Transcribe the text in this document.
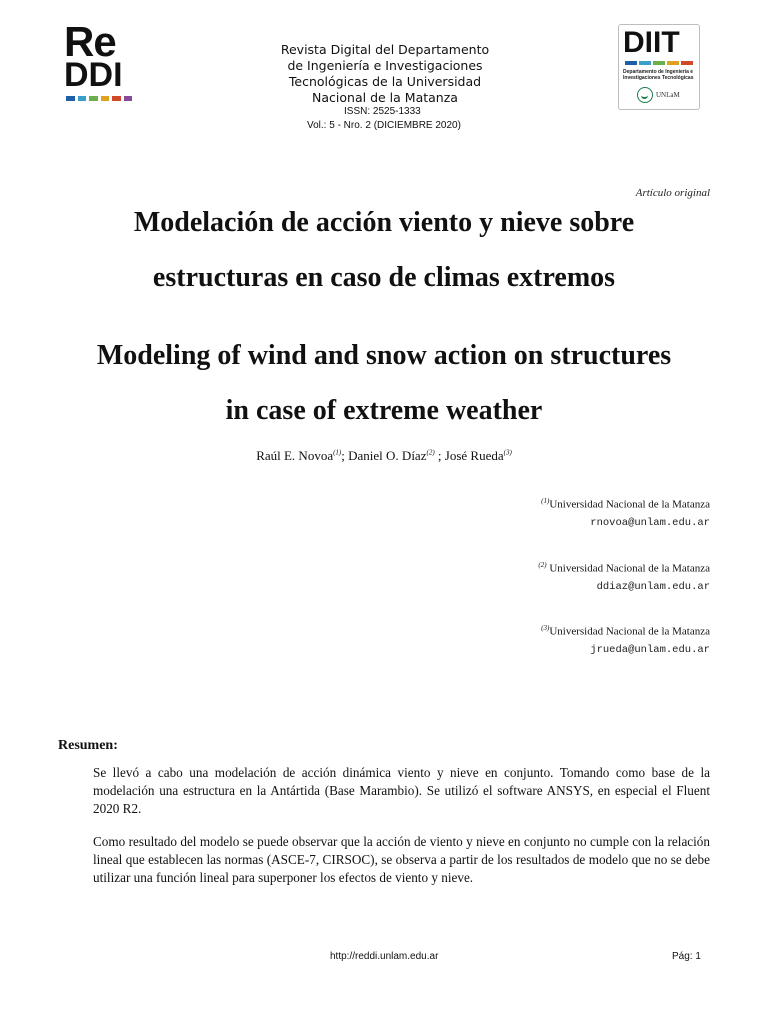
Re
DDI
Revista Digital del Departamento de Ingeniería e Investigaciones Tecnológicas de la Universidad Nacional de la Matanza
ISSN: 2525-1333
Vol.: 5 - Nro. 2 (DICIEMBRE 2020)
DIIT
Departamento de Ingeniería e Investigaciones Tecnológicas
UNLaM
Artículo original
Modelación de acción viento y nieve sobre
estructuras en caso de climas extremos
Modeling of wind and snow action on structures
in case of extreme weather
Raúl E. Novoa$^{(1)}$; Daniel O. Díaz$^{(2)}$ ; José Rueda$^{(3)}$
$^{(1)}$Universidad Nacional de la Matanza
rnovoa@unlam.edu.ar
$^{(2)}$ Universidad Nacional de la Matanza
ddiaz@unlam.edu.ar
$^{(3)}$Universidad Nacional de la Matanza
jrueda@unlam.edu.ar
Resumen:
Se llevó a cabo una modelación de acción dinámica viento y nieve en conjunto. Tomando como base de la modelación una estructura en la Antártida (Base Marambio). Se utilizó el software ANSYS, en especial el Fluent 2020 R2.
Como resultado del modelo se puede observar que la acción de viento y nieve en conjunto no cumple con la relación lineal que establecen las normas (ASCE-7, CIRSOC), se observa a partir de los resultados de modelo que no se debe utilizar una función lineal para superponer los efectos de viento y nieve.
http://reddi.unlam.edu.ar	Pág: 1
